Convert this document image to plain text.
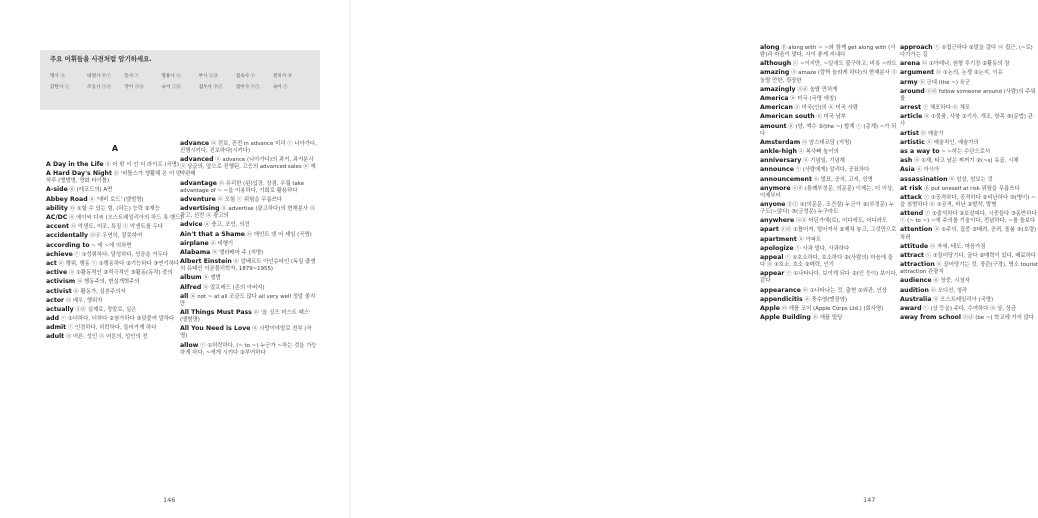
주요 어휘들을 사전처럼 암기하세요.
명사 ⓝ	대명사 ⓟⓡ	동사 ⓥ	형용사 ⓐ	부사 ⓐⓓ	접속사 ⓒ	전치사 ⓟ
감탄사 ⓘ	조동사 ⓐⓤ	약어 ⓐⓑ	숙어 ⓘⓓ	접두사 ⓟⓕ	접미사 ⓢⓕ	속어 ⓢ
A
A Day in the Life ⓝ 어 떤 이 인 더 라이프 (곡명)
A Hard Day's Night ⓝ '비틀스가 생활해 온 어 떤 하루 (앨범명, 영화 타이틀)
A-side ⓝ (레코드의) A면
Abbey Road ⓝ '애비 로드' (앨범명)
ability ⓝ ①할 수 있는 힘, (하는) 능력 ②재능
AC/DC ⓝ 에이씨 디씨 (오스트레일리아의 하드 록 밴드)
accent ⓝ 악센트, 어조, 특징 ⓥ 악센트를 두다
accidentally ⓐⓓ 우연히, 잘못하여
according to ~ 에 ~에 의하면
achieve ⓥ ①성취하다, 달성하다, 성공을 거두다
act ⓝ 행위, 행동 ⓥ ①행동하다 ②기능하다 ③연기하다
active ⓐ ①활동적인 ②적극적인 ③활동(동작) 중의
activism ⓝ 행동주의, 현실개혁주의
activist ⓝ 활동가, 실천주의자
actor ⓝ 배우, 행위자
actually ⓐⓓ 실제로, 정말로, 실은
add ⓥ ①더하다, 더하다 ②첨가하다 ③덧붙여 말하다
admit ⓥ 인정하다, 허락하다, 들어가게 하다
adult ⓝ 어른, 성인 ⓐ 어른의, 성인의 전
advance ⓝ 전보, 진전 in advance 미리 ⓥ 나아가다, 진행시키다, 진보하다(시키다)
advanced ⓐ advance (나아가다)의 과거, 과거분사 ⓐ 상급의, 앞으로 진행된, 고등의 advanced sales ⓝ 예약판매
advantage ⓝ 유리한 (된)입장, 장점, 우월 take advantage of ~ ~을 이용하다, 기회로 활용하다
adventure ⓝ 모험 ⓥ 위험을 무릅쓰다
advertising ⓝ advertise (광고하다)의 현재분사 ⓝ 광고, 선전 ⓝ 광고의
advice ⓝ 충고, 조언, 의견
Ain't that a Shame ⓝ 에인트 댓 어 셰임 (곡명)
airplane ⓝ 비행기
Alabama ⓝ 앨라배마 주 (지명)
Albert Einstein ⓝ 알베르트 아인슈타인 (독일 출생의 유태인 이론물리학자, 1879~1955)
album ⓝ 앨범
Alfred ⓝ 알프레드 (존의 아버지)
all ⓝ not ~ at all 조금도 않다 all very well 정말 좋지만
All Things Must Pass ⓝ '올 싱즈 머스트 패스' (앨범명)
All You Need is Love ⓝ 사랑이야말로 전부 (곡명)
allow ⓥ ①허락하다, (~ to ~) 누군가 ~하는 것을 가능하게 하다, ~에게 시키다 ②부여하다
146
along ⓟ along with ~ ~와 함께 get along with (사람)과 마음이 맞다, 사이 좋게 지내다
although ⓒ ~이지만, ~일에도 불구하고, 비록 ~라도
amazing ⓐ amaze (깜짝 놀라게 하다)의 현재분사 ⓐ 놀랄 만한, 굉장한
amazingly ⓐⓓ 놀랄 만하게
America ⓝ 미국 (국명 애칭)
American ⓐ 미국(인)의 ⓝ 미국 사람
American south ⓝ 미국 남부
amount ⓝ (양, 액수 ②(the ~) 합계 ⓥ (총계) ~가 되다
Amsterdam ⓝ 암스테르담 (지명)
ankle-high ⓐ 복사뼈 높이의
anniversary ⓝ 기념일, 기념제
announce ⓥ (사람에게) 알리다, 공표하다
announcement ⓝ 발표, 공지, 고지, 성명
anymore ⓐⓓ (통례부정문, 의문문) 이제는, 더 이상, 이제부터
anyone ⓟⓡ ①(의문문, 조건절) 누군가 ②(부정문) 누구도(~않다) ③(긍정문) 누구라도
anywhere ⓐⓓ 어딘가에(로), 어디에도, 어디라도
apart ⓐⓓ ①틀어져, 떨어져서 ②제쳐 놓고, 그것만으로
apartment ⓝ 아파트
apologize ⓥ 사과 빌다, 사과하다
appeal ⓥ ①호소하다, 호소하다 ②(사람의) 마음에 들다 ⓝ ①호소, 호소 ②매력, 인기
appear ⓥ ①나타나다, 보이게 되다 ②(인 듯이) 보이다, 같다
appearance ⓝ ①나타나는 것, 출현 ②외관, 인상
appendicitis ⓝ 충수염(맹장염)
Apple ⓝ 애플 코어 (Apple Corps Ltd.) (회사명)
Apple Building ⓝ 애플 빌딩
approach ⓥ ①접근하다 ②말을 걸다 ⓝ 접근, (~로) 다가가는 길
arena ⓝ ①아레나, 원형 투기장 ②활동의 장
argument ⓝ ①논의, 논쟁 ②논지, 이유
army ⓝ 군대 (the ~) 육군
around ⓐⓓ follow someone around (사람)의 주위를
arrest ⓥ 체포하다 ⓝ 체포
article ⓝ ①물품, 사항 ②기사, 개조, 항목 ③(문법) 관사
artist ⓝ 예술가
artistic ⓐ 예술적인, 예술가의
as a way to ~ ~하는 수단으로서
ash ⓝ ①재, 타고 남은 찌꺼기 ②(~s) 유골, 시체
Asia ⓝ 아시아
assassination ⓝ 암살, 암보는 것
at risk ⓟ put oneself at risk 위험을 무릅쓰다
attack ⓥ ①공격하다, 공격하다 ②비난하다 ③(병이) ~을 침범하다 ⓝ ①공격, 비난 ②발작, 발병
attend ⓥ ①출석하다 ②보살피다, 시중들다 ③동반하다 ⓥ (~ to ~) ~에 주의를 기울이다, 전념하다, ~를 돌보다
attention ⓝ ①주의, 집중 ②배려, 공려, 돌봄 ③(호령) 차려
attitude ⓝ 자세, 태도, 마음가짐
attract ⓥ ①끌어당기다, 끌다 ②매력이 있다, 매료하다
attraction ⓝ 끌어당기는 것, 장관(구경), 명소 tourist attraction 관광지
audience ⓝ 청중, 시청자
audition ⓝ 오디션, 청각
Australia ⓝ 오스트레일리아 (국명)
award ⓥ (상 등을) 주다, 수여하다 ⓝ 상, 상금
away from school ⓐⓓ (be ~) 학교에 가지 않다
147
